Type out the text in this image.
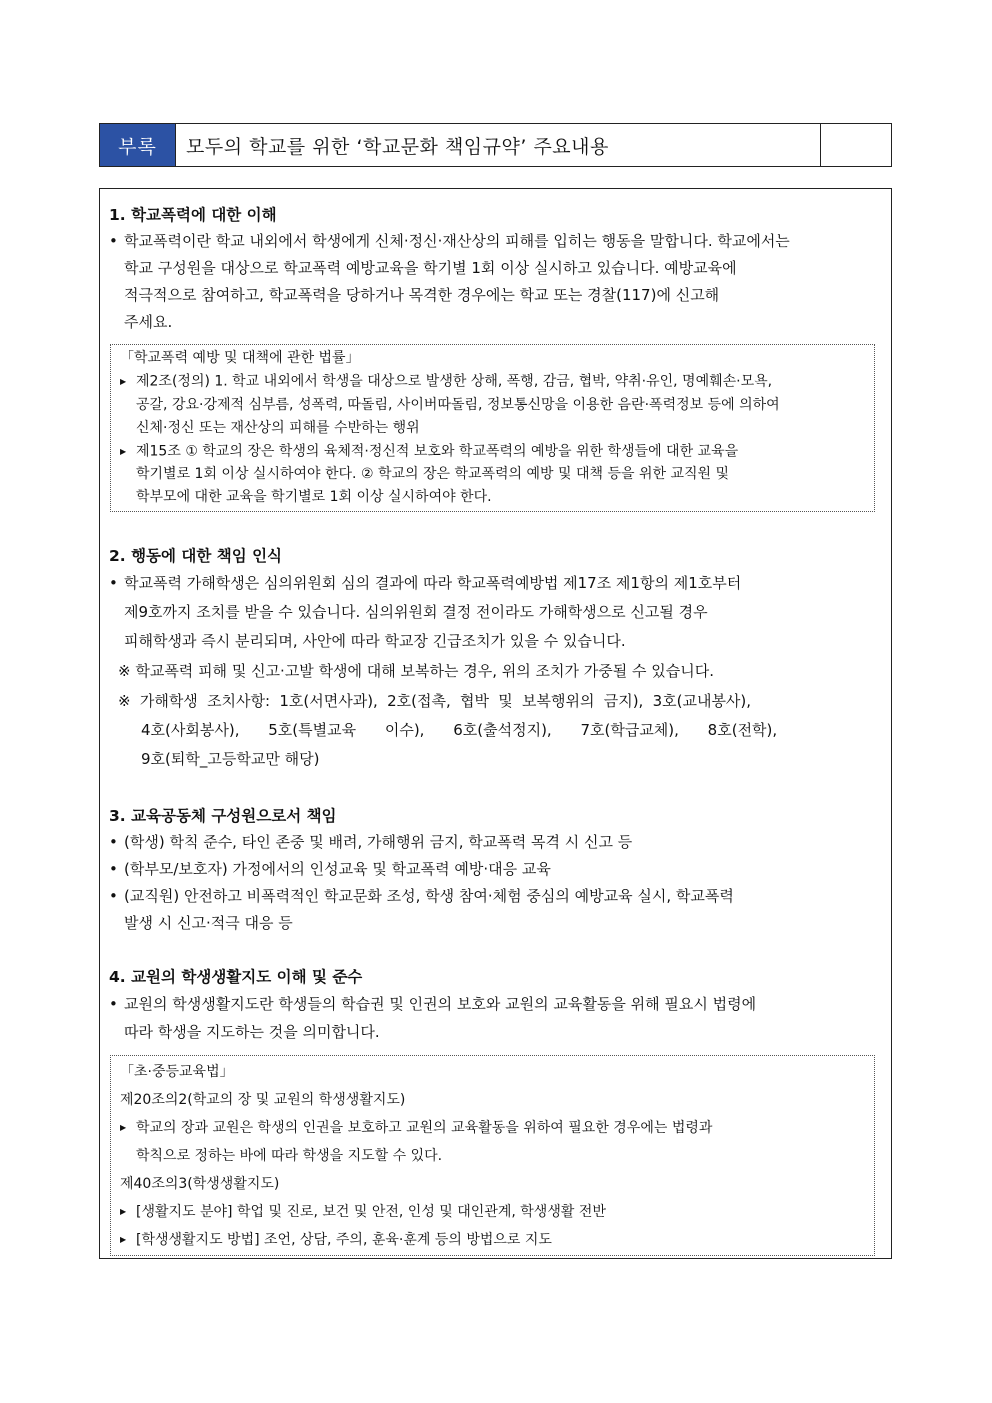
부록	모두의 학교를 위한 ‘학교문화 책임규약’ 주요내용
1. 학교폭력에 대한 이해
• 학교폭력이란 학교 내외에서 학생에게 신체·정신·재산상의 피해를 입히는 행동을 말합니다. 학교에서는
학교 구성원을 대상으로 학교폭력 예방교육을 학기별 1회 이상 실시하고 있습니다. 예방교육에
적극적으로 참여하고, 학교폭력을 당하거나 목격한 경우에는 학교 또는 경찰(117)에 신고해
주세요.
「학교폭력 예방 및 대책에 관한 법률」
▶ 제2조(정의) 1. 학교 내외에서 학생을 대상으로 발생한 상해, 폭행, 감금, 협박, 약취·유인, 명예훼손·모욕,
공갈, 강요·강제적 심부름, 성폭력, 따돌림, 사이버따돌림, 정보통신망을 이용한 음란·폭력정보 등에 의하여
신체·정신 또는 재산상의 피해를 수반하는 행위
▶ 제15조 ① 학교의 장은 학생의 육체적·정신적 보호와 학교폭력의 예방을 위한 학생들에 대한 교육을
학기별로 1회 이상 실시하여야 한다. ② 학교의 장은 학교폭력의 예방 및 대책 등을 위한 교직원 및
학부모에 대한 교육을 학기별로 1회 이상 실시하여야 한다.
2. 행동에 대한 책임 인식
• 학교폭력 가해학생은 심의위원회 심의 결과에 따라 학교폭력예방법 제17조 제1항의 제1호부터
제9호까지 조치를 받을 수 있습니다. 심의위원회 결정 전이라도 가해학생으로 신고될 경우
피해학생과 즉시 분리되며, 사안에 따라 학교장 긴급조치가 있을 수 있습니다.
※ 학교폭력 피해 및 신고·고발 학생에 대해 보복하는 경우, 위의 조치가 가중될 수 있습니다.
※ 가해학생 조치사항: 1호(서면사과), 2호(접촉, 협박 및 보복행위의 금지), 3호(교내봉사),
4호(사회봉사), 5호(특별교육 이수), 6호(출석정지), 7호(학급교체), 8호(전학),
9호(퇴학_고등학교만 해당)
3. 교육공동체 구성원으로서 책임
• (학생) 학칙 준수, 타인 존중 및 배려, 가해행위 금지, 학교폭력 목격 시 신고 등
• (학부모/보호자) 가정에서의 인성교육 및 학교폭력 예방·대응 교육
• (교직원) 안전하고 비폭력적인 학교문화 조성, 학생 참여·체험 중심의 예방교육 실시, 학교폭력
발생 시 신고·적극 대응 등
4. 교원의 학생생활지도 이해 및 준수
• 교원의 학생생활지도란 학생들의 학습권 및 인권의 보호와 교원의 교육활동을 위해 필요시 법령에
따라 학생을 지도하는 것을 의미합니다.
「초·중등교육법」
제20조의2(학교의 장 및 교원의 학생생활지도)
▶ 학교의 장과 교원은 학생의 인권을 보호하고 교원의 교육활동을 위하여 필요한 경우에는 법령과
학칙으로 정하는 바에 따라 학생을 지도할 수 있다.
제40조의3(학생생활지도)
▶ [생활지도 분야] 학업 및 진로, 보건 및 안전, 인성 및 대인관계, 학생생활 전반
▶ [학생생활지도 방법] 조언, 상담, 주의, 훈육·훈계 등의 방법으로 지도
